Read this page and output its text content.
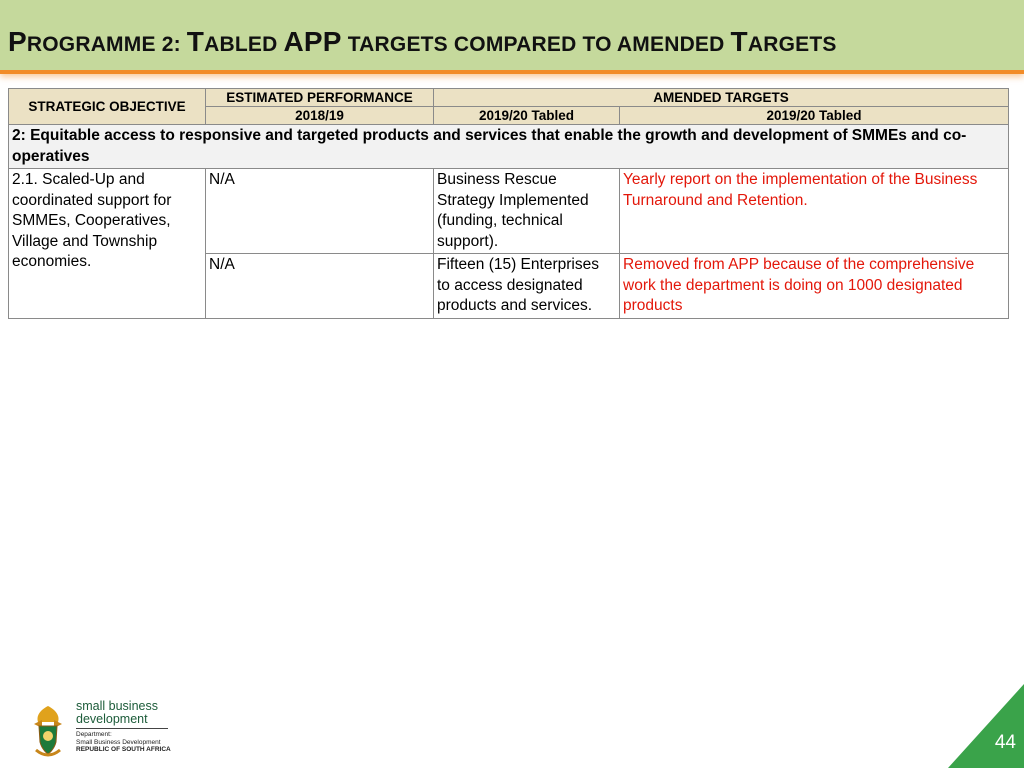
PROGRAMME 2: TABLED APP TARGETS COMPARED TO AMENDED TARGETS
STRATEGIC OBJECTIVE	ESTIMATED PERFORMANCE	AMENDED TARGETS	
	2018/19	2019/20 Tabled	2019/20 Tabled
2: Equitable access to responsive and targeted products and services that enable the growth and development of SMMEs and co-operatives			
2.1. Scaled-Up and coordinated support for SMMEs, Cooperatives, Village and Township economies.	N/A	Business Rescue Strategy Implemented (funding, technical support).	Yearly report on the implementation of the Business Turnaround and Retention.
	N/A	Fifteen (15) Enterprises to access designated products and services.	Removed from APP because of the comprehensive work the department is doing on 1000 designated products
small business
development
Department:
Small Business Development
REPUBLIC OF SOUTH AFRICA	44
